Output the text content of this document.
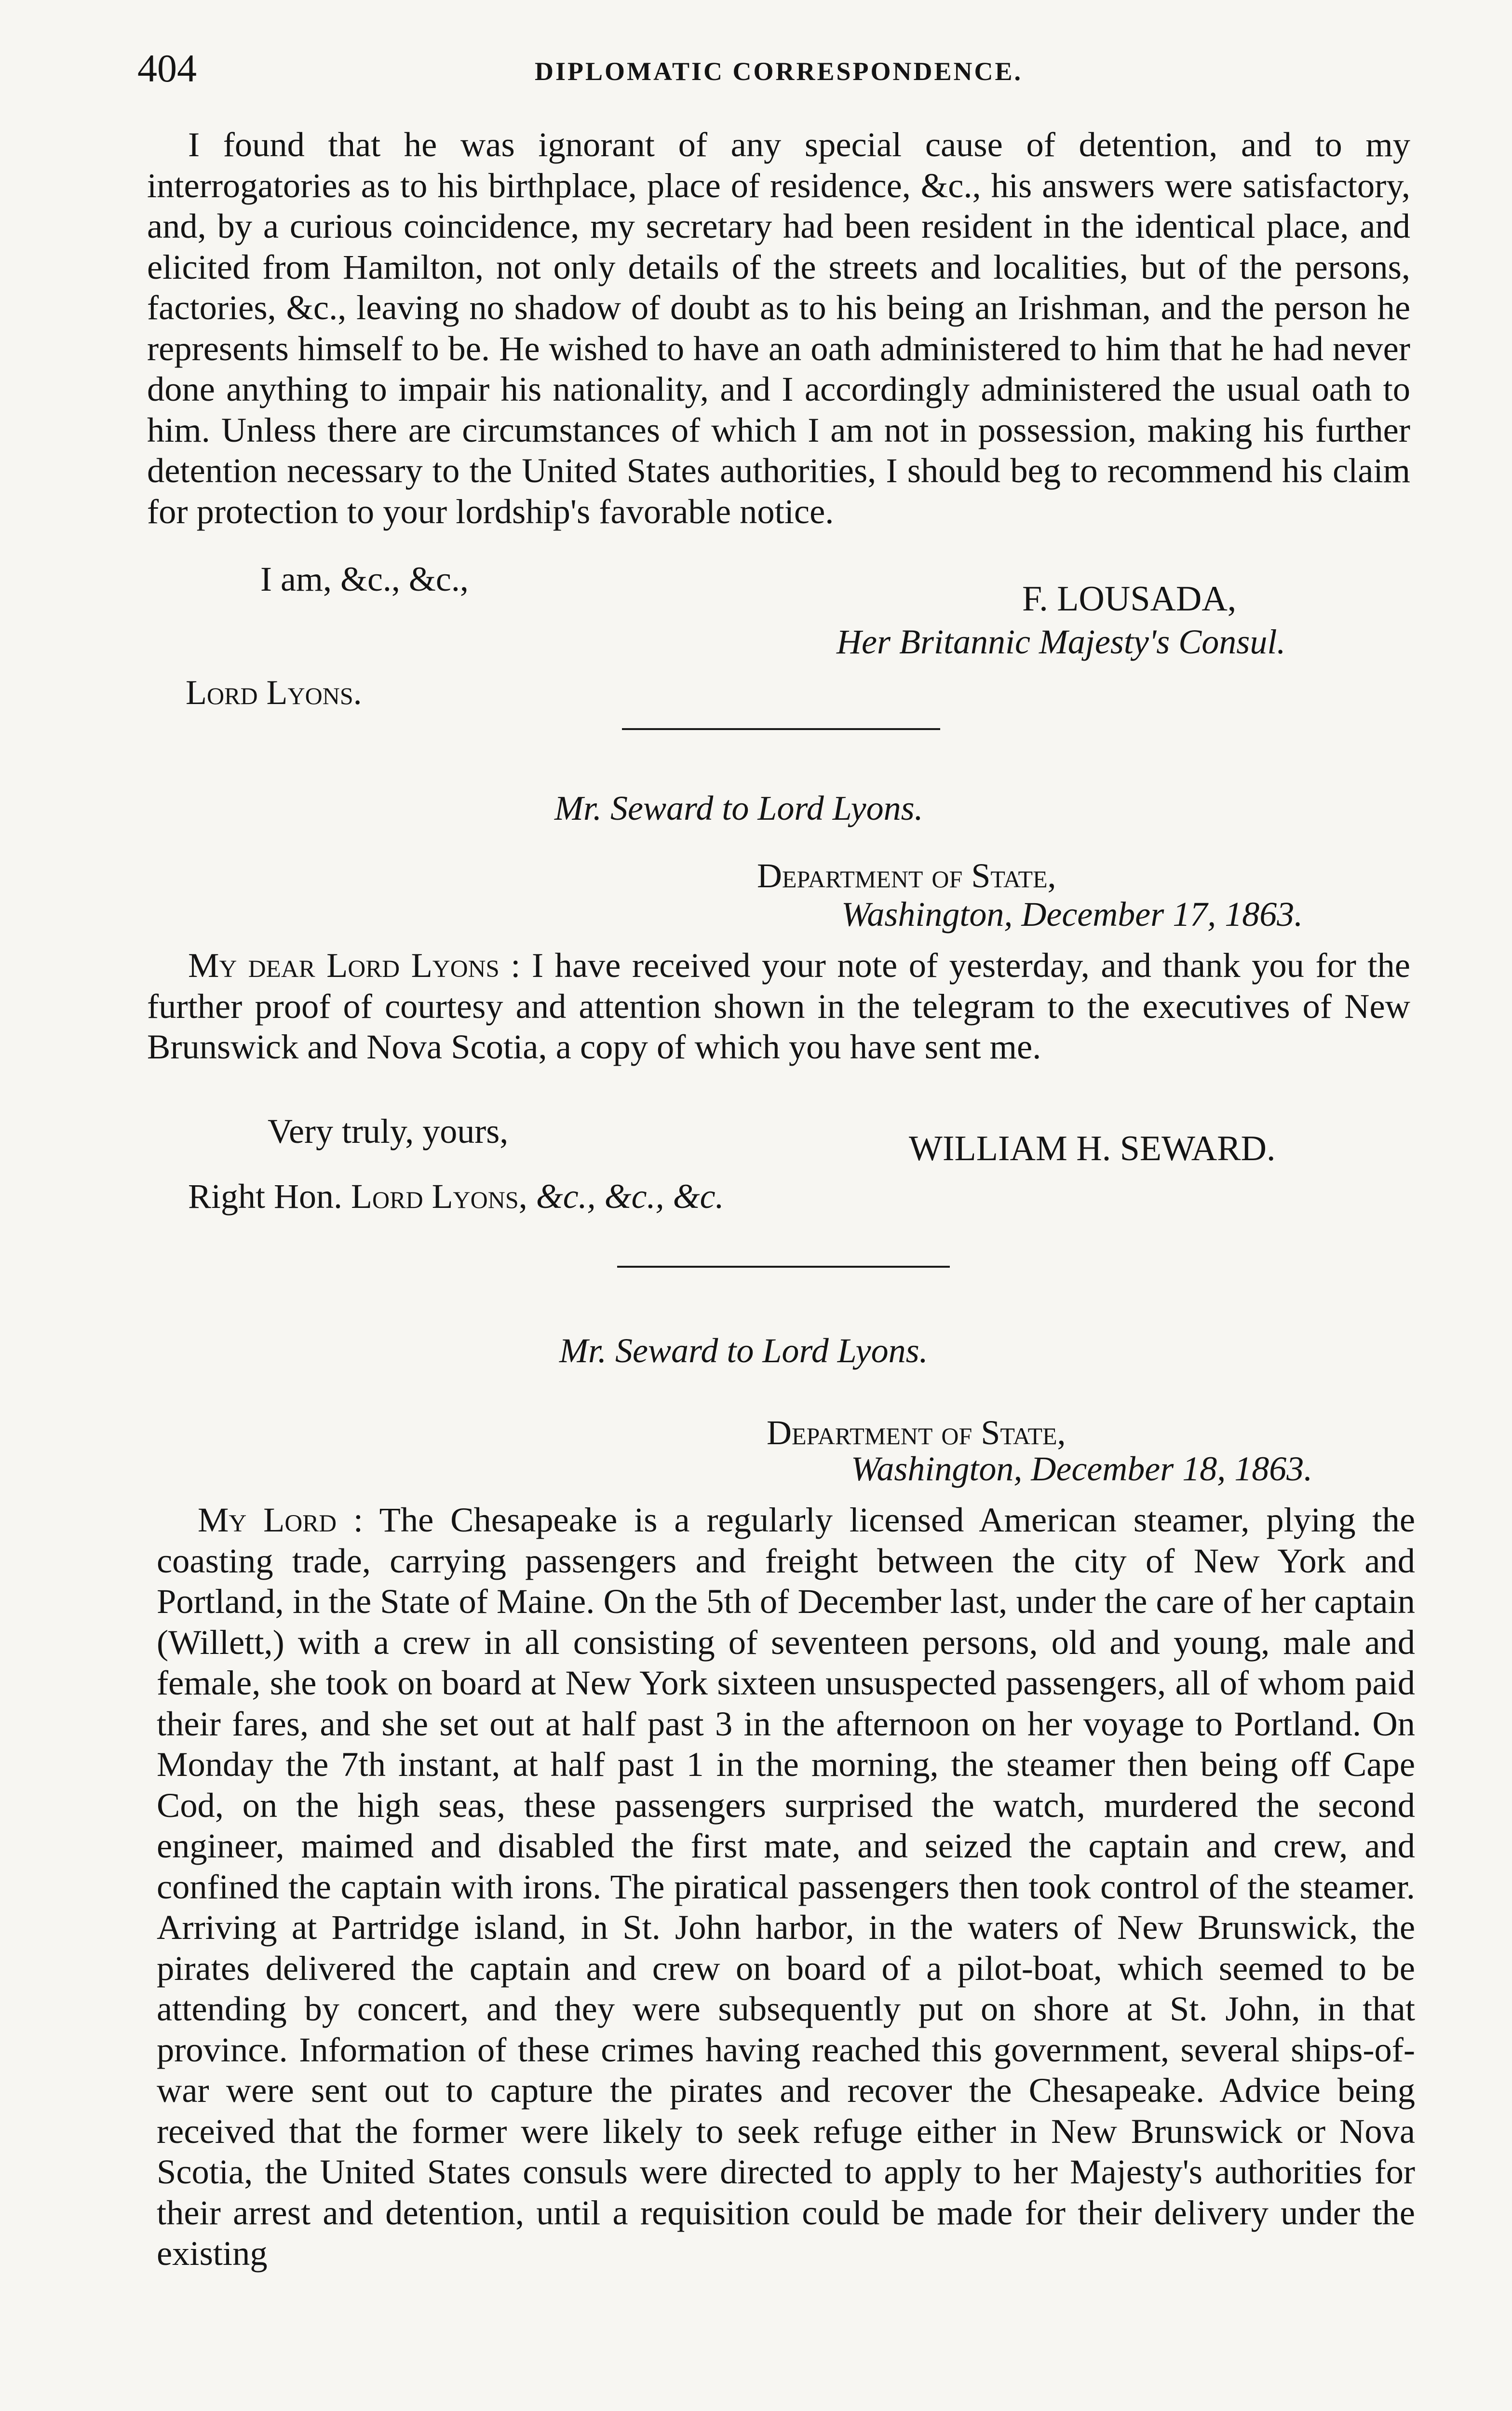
404	DIPLOMATIC CORRESPONDENCE.

I found that he was ignorant of any special cause of detention, and to my interrogatories as to his birthplace, place of residence, &c., his answers were satisfactory, and, by a curious coincidence, my secretary had been resident in the identical place, and elicited from Hamilton, not only details of the streets and localities, but of the persons, factories, &c., leaving no shadow of doubt as to his being an Irishman, and the person he represents himself to be. He wished to have an oath administered to him that he had never done anything to impair his nationality, and I accordingly administered the usual oath to him. Unless there are circumstances of which I am not in possession, making his further detention necessary to the United States authorities, I should beg to recommend his claim for protection to your lordship's favorable notice.

I am, &c., &c.,	F. LOUSADA,

Her Britannic Majesty's Consul.

Lord Lyons.

Mr. Seward to Lord Lyons.

Department of State,

Washington, December 17, 1863.

My dear Lord Lyons : I have received your note of yesterday, and thank you for the further proof of courtesy and attention shown in the telegram to the executives of New Brunswick and Nova Scotia, a copy of which you have sent me.

Very truly, yours,	WILLIAM H. SEWARD.

Right Hon. Lord Lyons, &c., &c., &c.

Mr. Seward to Lord Lyons.

Department of State,

Washington, December 18, 1863.

My Lord : The Chesapeake is a regularly licensed American steamer, plying the coasting trade, carrying passengers and freight between the city of New York and Portland, in the State of Maine. On the 5th of December last, under the care of her captain (Willett,) with a crew in all consisting of seventeen persons, old and young, male and female, she took on board at New York sixteen unsuspected passengers, all of whom paid their fares, and she set out at half past 3 in the afternoon on her voyage to Portland. On Monday the 7th instant, at half past 1 in the morning, the steamer then being off Cape Cod, on the high seas, these passengers surprised the watch, murdered the second engineer, maimed and disabled the first mate, and seized the captain and crew, and confined the captain with irons. The piratical passengers then took control of the steamer. Arriving at Partridge island, in St. John harbor, in the waters of New Brunswick, the pirates delivered the captain and crew on board of a pilot-boat, which seemed to be attending by concert, and they were subsequently put on shore at St. John, in that province. Information of these crimes having reached this government, several ships-of-war were sent out to capture the pirates and recover the Chesapeake. Advice being received that the former were likely to seek refuge either in New Brunswick or Nova Scotia, the United States consuls were directed to apply to her Majesty's authorities for their arrest and detention, until a requisition could be made for their delivery under the existing
